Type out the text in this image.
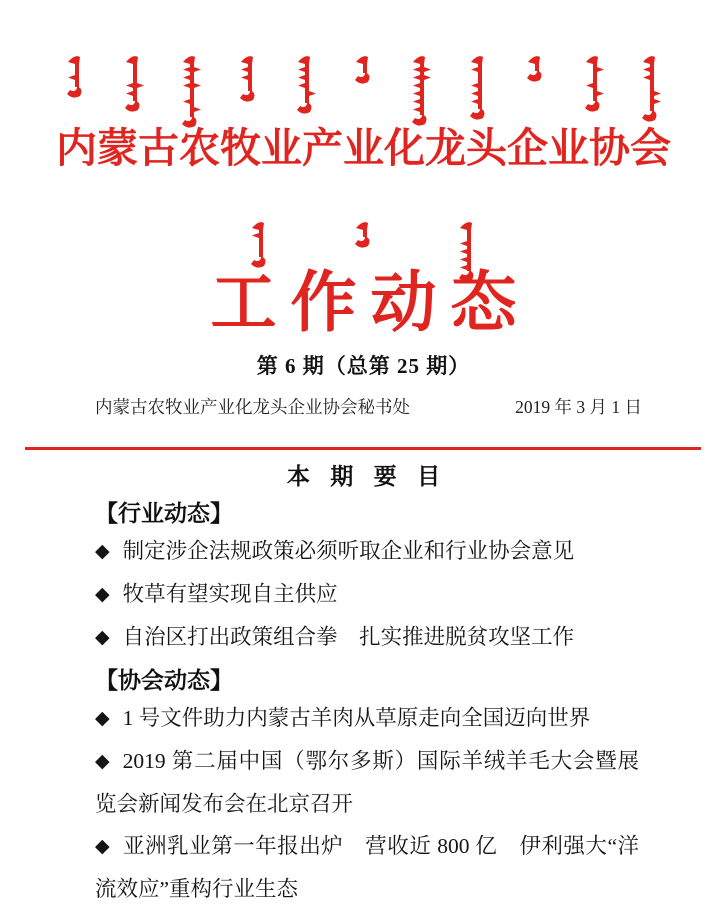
内蒙古农牧业产业化龙头企业协会
工作动态
第 6 期（总第 25 期）
内蒙古农牧业产业化龙头企业协会秘书处	2019 年 3 月 1 日
本 期 要 目
【行业动态】
◆ 制定涉企法规政策必须听取企业和行业协会意见
◆ 牧草有望实现自主供应
◆ 自治区打出政策组合拳　扎实推进脱贫攻坚工作
【协会动态】
◆ 1 号文件助力内蒙古羊肉从草原走向全国迈向世界
◆ 2019 第二届中国（鄂尔多斯）国际羊绒羊毛大会暨展览会新闻发布会在北京召开
◆ 亚洲乳业第一年报出炉　营收近 800 亿　伊利强大“洋流效应”重构行业生态
